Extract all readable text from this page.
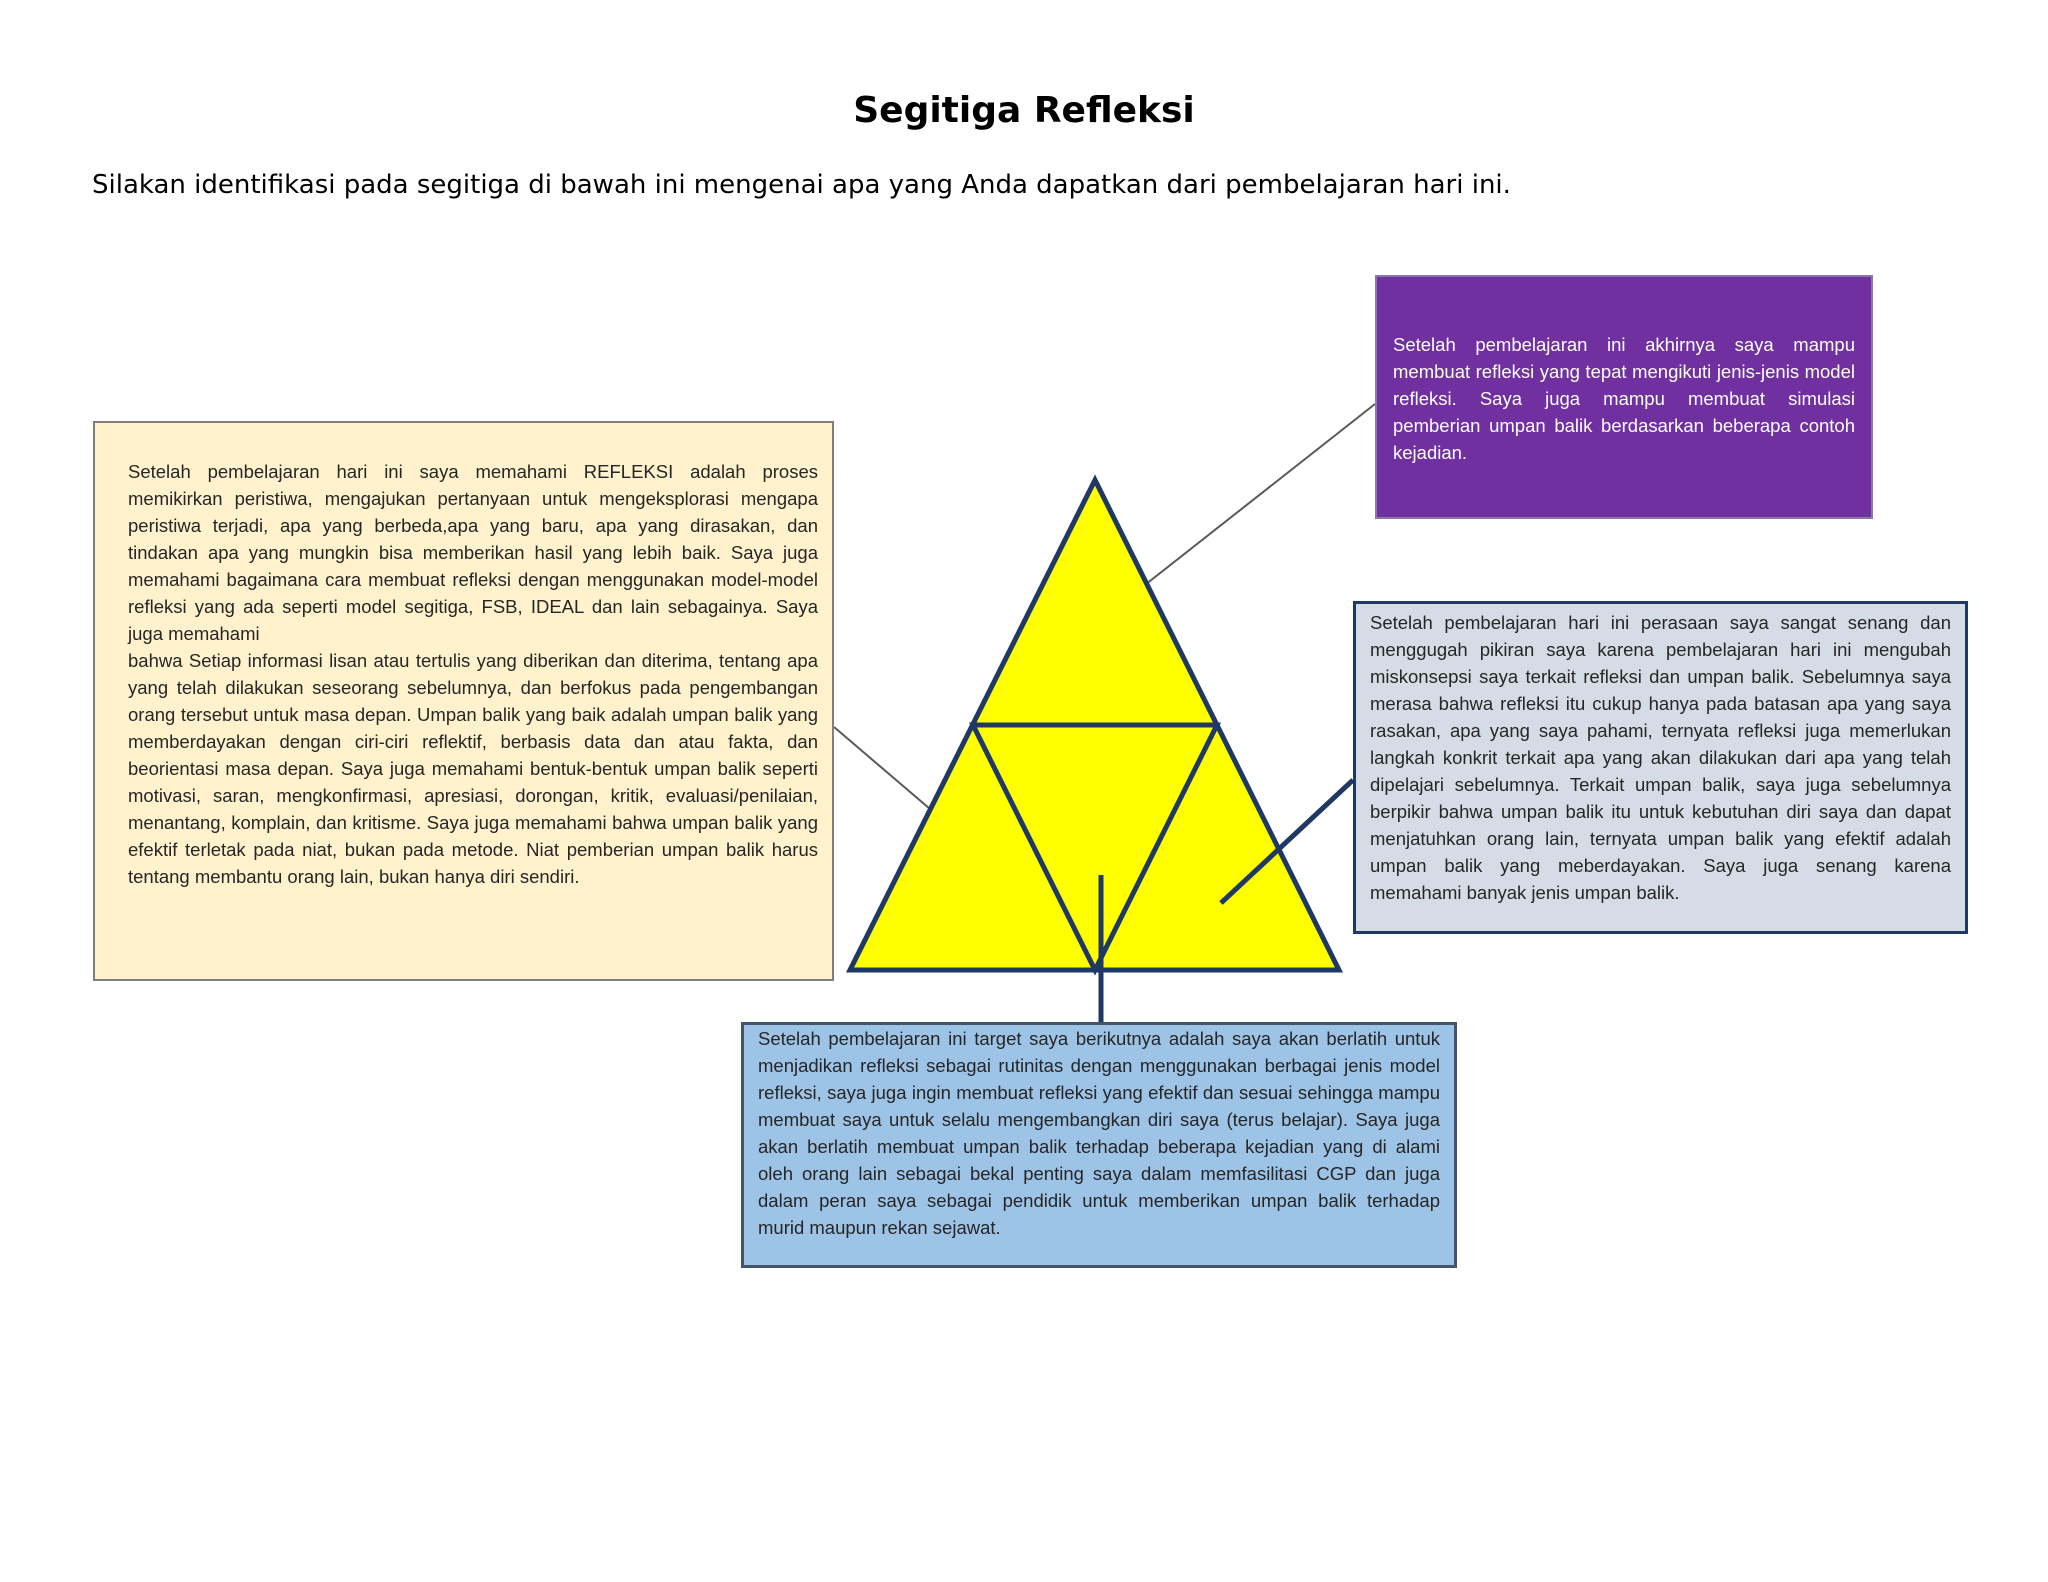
Segitiga Refleksi
Silakan identifikasi pada segitiga di bawah ini mengenai apa yang Anda dapatkan dari pembelajaran hari ini.

Setelah pembelajaran ini akhirnya saya mampu membuat refleksi yang tepat mengikuti jenis-jenis model refleksi. Saya juga mampu membuat simulasi pemberian umpan balik berdasarkan beberapa contoh kejadian.

Setelah pembelajaran hari ini saya memahami REFLEKSI adalah proses memikirkan peristiwa, mengajukan pertanyaan untuk mengeksplorasi mengapa peristiwa terjadi, apa yang berbeda,apa yang baru, apa yang dirasakan, dan tindakan apa yang mungkin bisa memberikan hasil yang lebih baik. Saya juga memahami bagaimana cara membuat refleksi dengan menggunakan model-model refleksi yang ada seperti model segitiga, FSB, IDEAL dan lain sebagainya. Saya juga memahami

bahwa Setiap informasi lisan atau tertulis yang diberikan dan diterima, tentang apa yang telah dilakukan seseorang sebelumnya, dan berfokus pada pengembangan orang tersebut untuk masa depan. Umpan balik yang baik adalah umpan balik yang memberdayakan dengan ciri-ciri reflektif, berbasis data dan atau fakta, dan beorientasi masa depan. Saya juga memahami bentuk-bentuk umpan balik seperti motivasi, saran, mengkonfirmasi, apresiasi, dorongan, kritik, evaluasi/penilaian, menantang, komplain, dan kritisme. Saya juga memahami bahwa umpan balik yang efektif terletak pada niat, bukan pada metode. Niat pemberian umpan balik harus tentang membantu orang lain, bukan hanya diri sendiri.

Setelah pembelajaran hari ini perasaan saya sangat senang dan menggugah pikiran saya karena pembelajaran hari ini mengubah miskonsepsi saya terkait refleksi dan umpan balik. Sebelumnya saya merasa bahwa refleksi itu cukup hanya pada batasan apa yang saya rasakan, apa yang saya pahami, ternyata refleksi juga memerlukan langkah konkrit terkait apa yang akan dilakukan dari apa yang telah dipelajari sebelumnya. Terkait umpan balik, saya juga sebelumnya berpikir bahwa umpan balik itu untuk kebutuhan diri saya dan dapat menjatuhkan orang lain, ternyata umpan balik yang efektif adalah umpan balik yang meberdayakan. Saya juga senang karena memahami banyak jenis umpan balik.

Setelah pembelajaran ini target saya berikutnya adalah saya akan berlatih untuk menjadikan refleksi sebagai rutinitas dengan menggunakan berbagai jenis model refleksi, saya juga ingin membuat refleksi yang efektif dan sesuai sehingga mampu membuat saya untuk selalu mengembangkan diri saya (terus belajar). Saya juga akan berlatih membuat umpan balik terhadap beberapa kejadian yang di alami oleh orang lain sebagai bekal penting saya dalam memfasilitasi CGP dan juga dalam peran saya sebagai pendidik untuk memberikan umpan balik terhadap murid maupun rekan sejawat.
